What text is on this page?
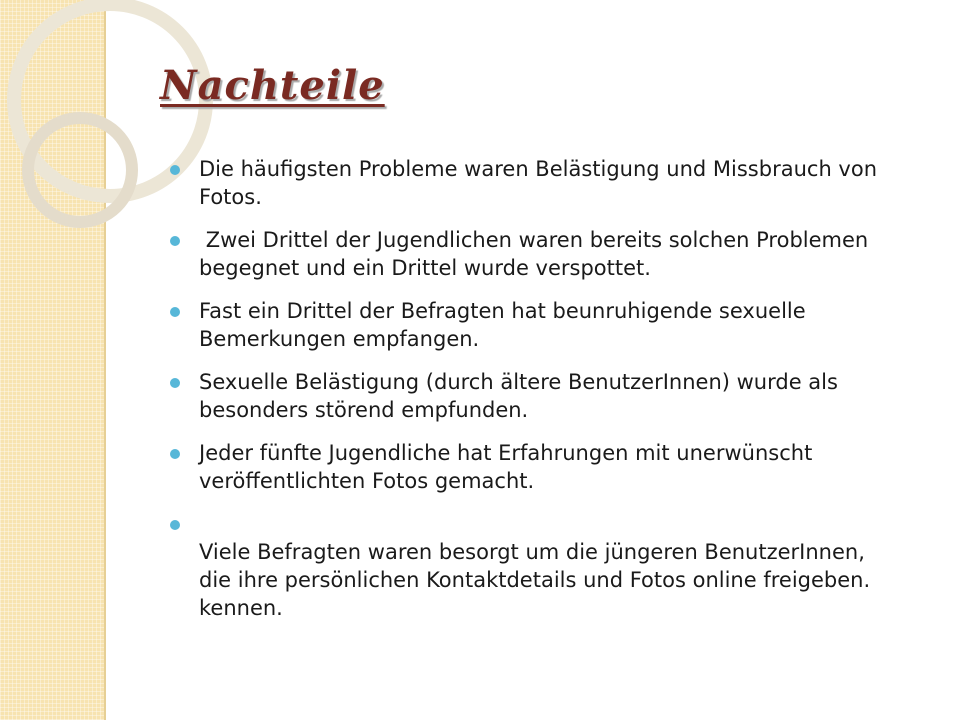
Nachteile
Die häufigsten Probleme waren Belästigung und Missbrauch von Fotos.
Zwei Drittel der Jugendlichen waren bereits solchen Problemen begegnet und ein Drittel wurde verspottet.
Fast ein Drittel der Befragten hat beunruhigende sexuelle Bemerkungen empfangen.
Sexuelle Belästigung (durch ältere BenutzerInnen) wurde als besonders störend empfunden.
Jeder fünfte Jugendliche hat Erfahrungen mit unerwünscht veröffentlichten Fotos gemacht.

Viele Befragten waren besorgt um die jüngeren BenutzerInnen, die ihre persönlichen Kontaktdetails und Fotos online freigeben. kennen.
